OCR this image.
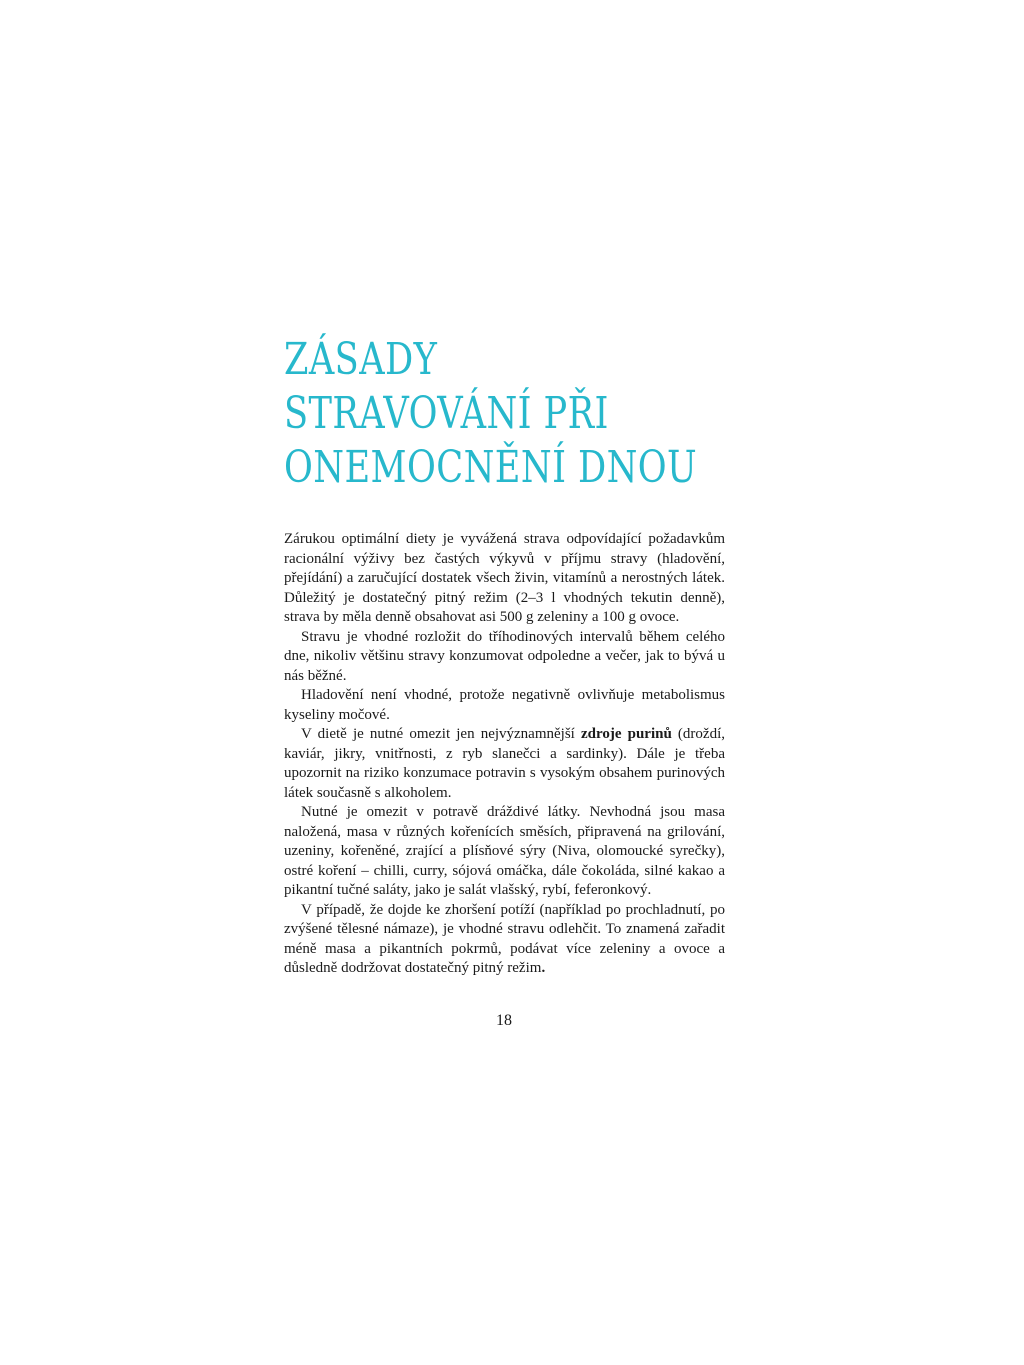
ZÁSADY
STRAVOVÁNÍ PŘI
ONEMOCNĚNÍ DNOU

Zárukou optimální diety je vyvážená strava odpovídající požadavkům racionální výživy bez častých výkyvů v příjmu stravy (hladovění, přejídání) a zaručující dostatek všech živin, vitamínů a nerostných látek. Důležitý je dostatečný pitný režim (2–3 l vhodných tekutin denně), strava by měla denně obsahovat asi 500 g zeleniny a 100 g ovoce.

Stravu je vhodné rozložit do tříhodinových intervalů během celého dne, nikoliv většinu stravy konzumovat odpoledne a večer, jak to bývá u nás běžné.

Hladovění není vhodné, protože negativně ovlivňuje metabolismus kyseliny močové.

V dietě je nutné omezit jen nejvýznamnější zdroje purinů (droždí, kaviár, jikry, vnitřnosti, z ryb slanečci a sardinky). Dále je třeba upozornit na riziko konzumace potravin s vysokým obsahem purinových látek současně s alkoholem.

Nutné je omezit v potravě dráždivé látky. Nevhodná jsou masa naložená, masa v různých kořenících směsích, připravená na grilování, uzeniny, kořeněné, zrající a plísňové sýry (Niva, olomoucké syrečky), ostré koření – chilli, curry, sójová omáčka, dále čokoláda, silné kakao a pikantní tučné saláty, jako je salát vlašský, rybí, feferonkový.

V případě, že dojde ke zhoršení potíží (například po prochladnutí, po zvýšené tělesné námaze), je vhodné stravu odlehčit. To znamená zařadit méně masa a pikantních pokrmů, podávat více zeleniny a ovoce a důsledně dodržovat dostatečný pitný režim.

18
